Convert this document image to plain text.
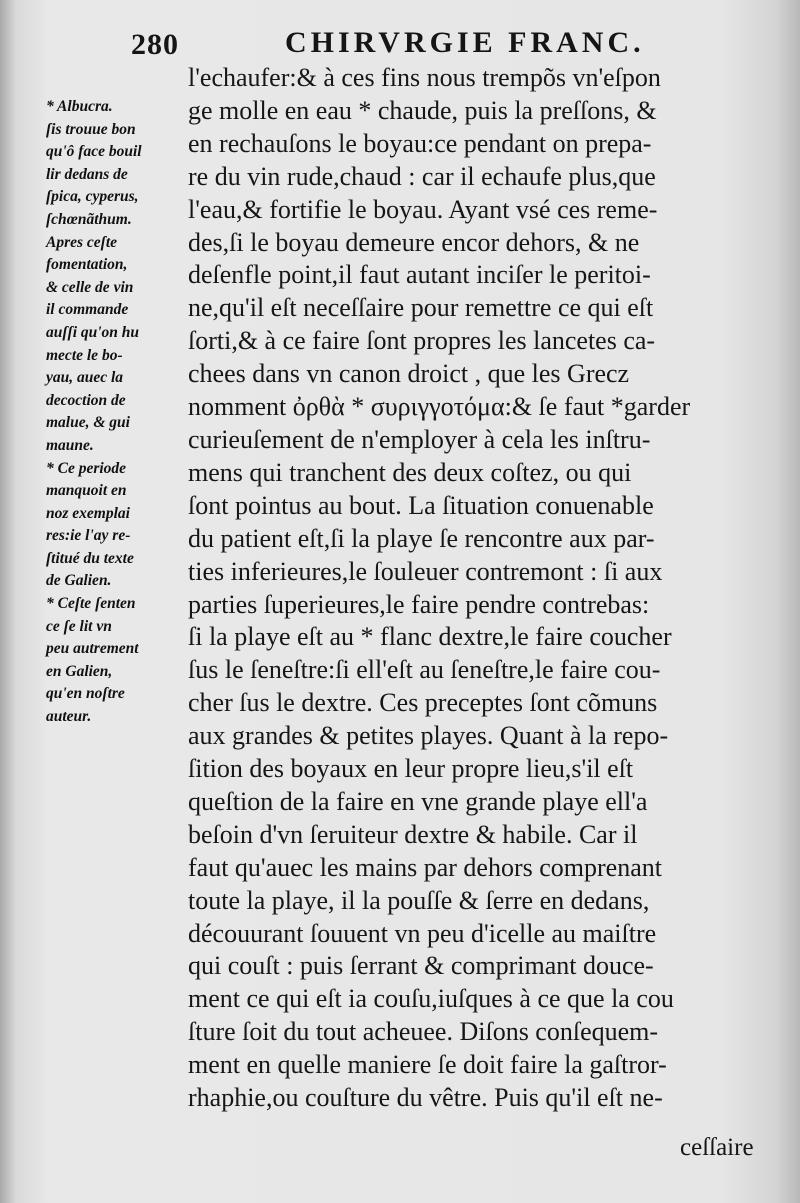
280	CHIRVRGIE FRANC.
* Albucra.
ſis trouue bon
qu'ô face bouil
lir dedans de
ſpica, cyperus,
ſchœnãthum.
Apres ceſte
fomentation,
& celle de vin
il commande
auſſi qu'on hu
mecte le bo-
yau, auec la
decoction de
malue, & gui
maune.
* Ce periode
manquoit en
noz exemplai
res:ie l'ay re-
ſtitué du texte
de Galien.
* Ceſte ſenten
ce ſe lit vn
peu autrement
en Galien,
qu'en noſtre
auteur.
l'echaufer:& à ces fins nous trempõs vn'eſpon
ge molle en eau * chaude, puis la preſſons, &
en rechauſons le boyau:ce pendant on prepa-
re du vin rude,chaud : car il echaufe plus,que
l'eau,& fortifie le boyau. Ayant vsé ces reme-
des,ſi le boyau demeure encor dehors, & ne
deſenfle point,il faut autant inciſer le peritoi-
ne,qu'il eſt neceſſaire pour remettre ce qui eſt
ſorti,& à ce faire ſont propres les lancetes ca-
chees dans vn canon droict , que les Grecz
nomment ὀρθὰ * συριγγοτόμα:& ſe faut *garder
curieuſement de n'employer à cela les inſtru-
mens qui tranchent des deux coſtez, ou qui
ſont pointus au bout. La ſituation conuenable
du patient eſt,ſi la playe ſe rencontre aux par-
ties inferieures,le ſouleuer contremont : ſi aux
parties ſuperieures,le faire pendre contrebas:
ſi la playe eſt au * flanc dextre,le faire coucher
ſus le ſeneſtre:ſi ell'eſt au ſeneſtre,le faire cou-
cher ſus le dextre. Ces preceptes ſont cõmuns
aux grandes & petites playes. Quant à la repo-
ſition des boyaux en leur propre lieu,s'il eſt
queſtion de la faire en vne grande playe ell'a
beſoin d'vn ſeruiteur dextre & habile. Car il
faut qu'auec les mains par dehors comprenant
toute la playe, il la pouſſe & ſerre en dedans,
découurant ſouuent vn peu d'icelle au maiſtre
qui couſt : puis ſerrant & comprimant douce-
ment ce qui eſt ia couſu,iuſques à ce que la cou
ſture ſoit du tout acheuee. Diſons conſequem-
ment en quelle maniere ſe doit faire la gaſtror-
rhaphie,ou couſture du vêtre. Puis qu'il eſt ne-
ceſſaire
